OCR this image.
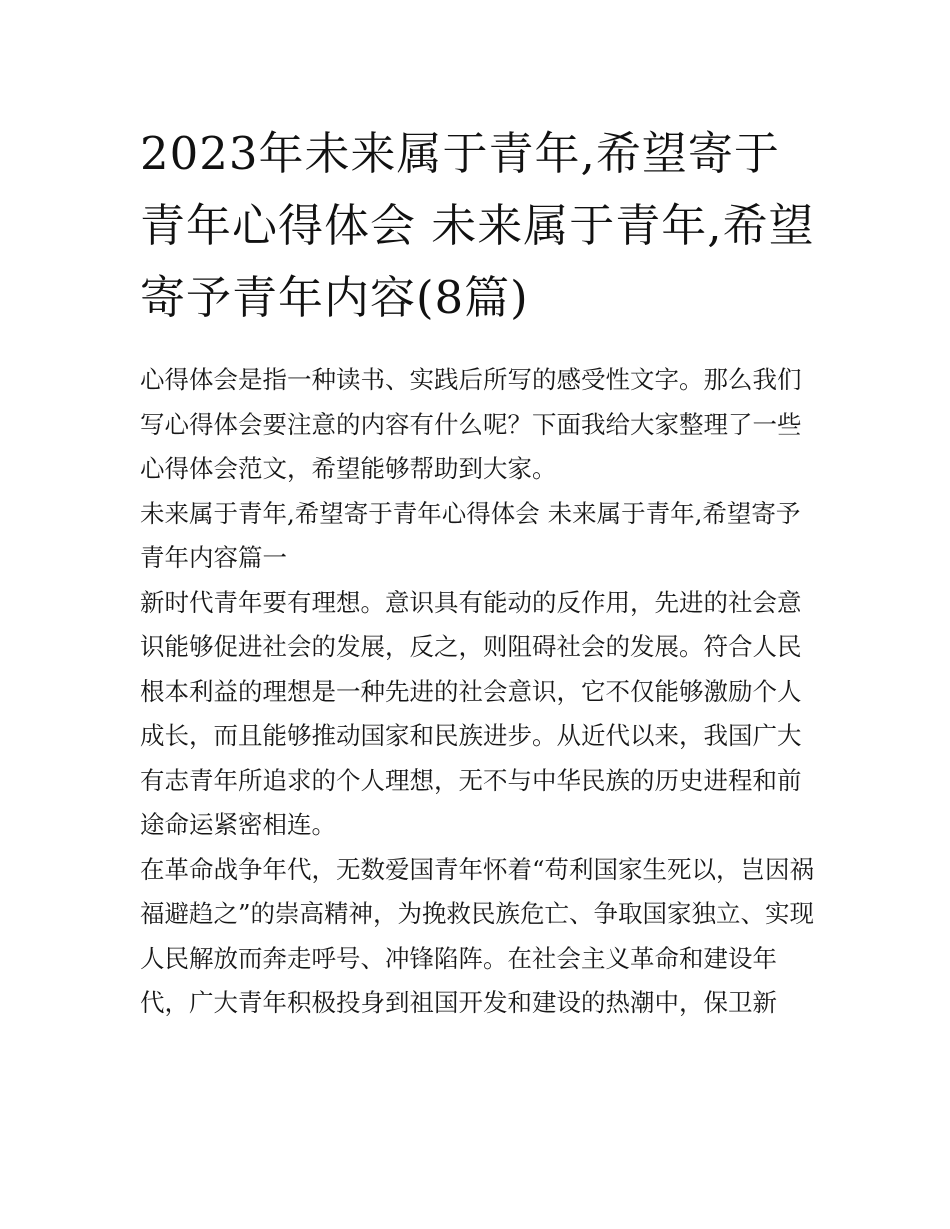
2023年未来属于青年,希望寄于青年心得体会 未来属于青年,希望寄予青年内容(8篇)

心得体会是指一种读书、实践后所写的感受性文字。那么我们写心得体会要注意的内容有什么呢？下面我给大家整理了一些心得体会范文，希望能够帮助到大家。

未来属于青年,希望寄于青年心得体会 未来属于青年,希望寄予青年内容篇一

新时代青年要有理想。意识具有能动的反作用，先进的社会意识能够促进社会的发展，反之，则阻碍社会的发展。符合人民根本利益的理想是一种先进的社会意识，它不仅能够激励个人成长，而且能够推动国家和民族进步。从近代以来，我国广大有志青年所追求的个人理想，无不与中华民族的历史进程和前途命运紧密相连。

在革命战争年代，无数爱国青年怀着“苟利国家生死以，岂因祸福避趋之”的崇高精神，为挽救民族危亡、争取国家独立、实现人民解放而奔走呼号、冲锋陷阵。在社会主义革命和建设年代，广大青年积极投身到祖国开发和建设的热潮中，保卫新
